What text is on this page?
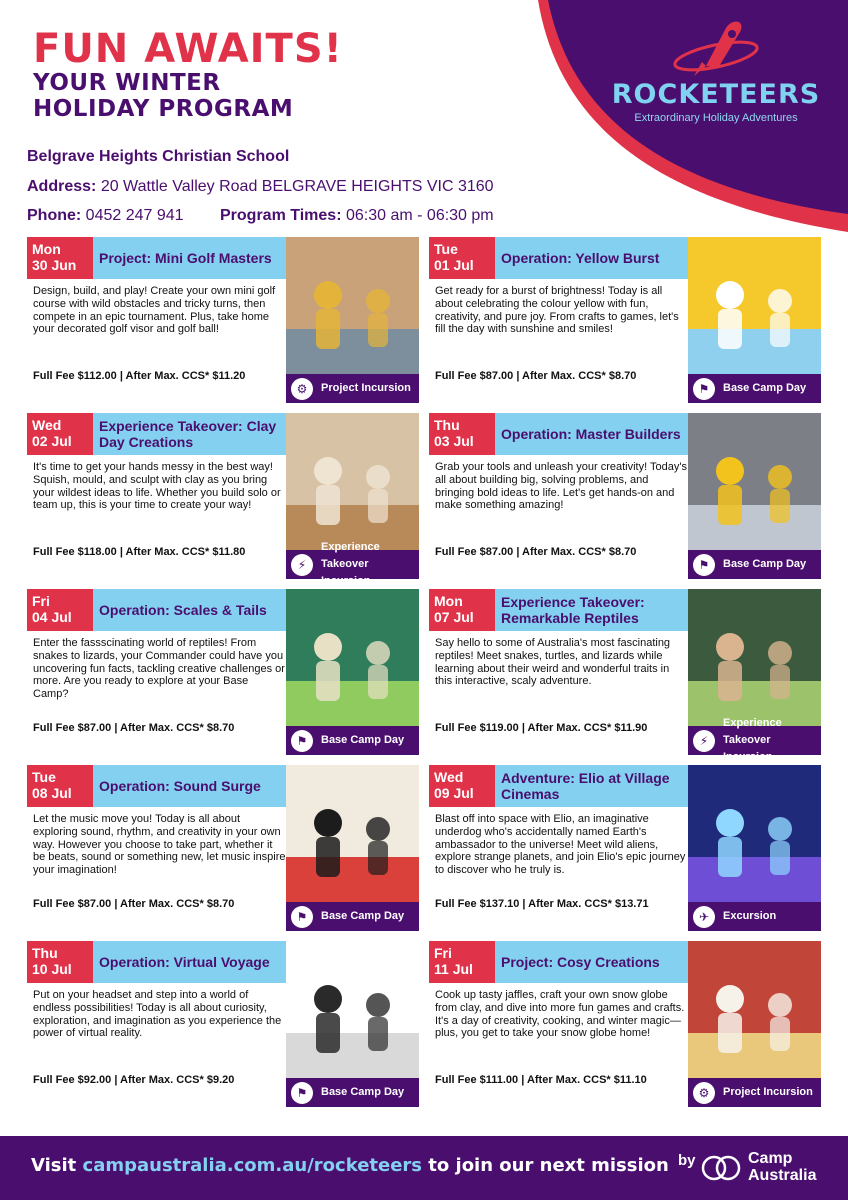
FUN AWAITS!
YOUR WINTER
HOLIDAY PROGRAM	ROCKETEERS
Extraordinary Holiday Adventures
Belgrave Heights Christian School
Address: 20 Wattle Valley Road BELGRAVE HEIGHTS VIC 3160
Phone: 0452 247 941 Program Times: 06:30 am - 06:30 pm
Mon
30 Jun	Project: Mini Golf Masters
Design, build, and play! Create your own mini golf course with wild obstacles and tricky turns, then compete in an epic tournament. Plus, take home your decorated golf visor and golf ball!
Full Fee $112.00 | After Max. CCS* $11.20
⚙	Project Incursion
Tue
01 Jul	Operation: Yellow Burst
Get ready for a burst of brightness! Today is all about celebrating the colour yellow with fun, creativity, and pure joy. From crafts to games, let's fill the day with sunshine and smiles!
Full Fee $87.00 | After Max. CCS* $8.70
⚑	Base Camp Day
Wed
02 Jul
Experience Takeover: Clay Day Creations
It's time to get your hands messy in the best way! Squish, mould, and sculpt with clay as you bring your wildest ideas to life. Whether you build solo or team up, this is your time to create your way!
Full Fee $118.00 | After Max. CCS* $11.80
⚡
Experience Takeover Incursion
Thu
03 Jul	Operation: Master Builders
Grab your tools and unleash your creativity! Today's all about building big, solving problems, and bringing bold ideas to life. Let's get hands-on and make something amazing!
Full Fee $87.00 | After Max. CCS* $8.70
⚑	Base Camp Day
Fri
04 Jul	Operation: Scales & Tails
Enter the fassscinating world of reptiles! From snakes to lizards, your Commander could have you uncovering fun facts, tackling creative challenges or more. Are you ready to explore at your Base Camp?
Full Fee $87.00 | After Max. CCS* $8.70
⚑	Base Camp Day
Mon
07 Jul
Experience Takeover: Remarkable Reptiles
Say hello to some of Australia's most fascinating reptiles! Meet snakes, turtles, and lizards while learning about their weird and wonderful traits in this interactive, scaly adventure.
Full Fee $119.00 | After Max. CCS* $11.90
⚡
Experience Takeover Incursion
Tue
08 Jul	Operation: Sound Surge
Let the music move you! Today is all about exploring sound, rhythm, and creativity in your own way. However you choose to take part, whether it be beats, sound or something new, let music inspire your imagination!
Full Fee $87.00 | After Max. CCS* $8.70
⚑	Base Camp Day
Wed
09 Jul
Adventure: Elio at Village Cinemas
Blast off into space with Elio, an imaginative underdog who's accidentally named Earth's ambassador to the universe! Meet wild aliens, explore strange planets, and join Elio's epic journey to discover who he truly is.
Full Fee $137.10 | After Max. CCS* $13.71
✈	Excursion
Thu
10 Jul	Operation: Virtual Voyage
Put on your headset and step into a world of endless possibilities! Today is all about curiosity, exploration, and imagination as you experience the power of virtual reality.
Full Fee $92.00 | After Max. CCS* $9.20
⚑	Base Camp Day
Fri
11 Jul	Project: Cosy Creations
Cook up tasty jaffles, craft your own snow globe from clay, and dive into more fun games and crafts. It's a day of creativity, cooking, and winter magic—plus, you get to take your snow globe home!
Full Fee $111.00 | After Max. CCS* $11.10
⚙	Project Incursion
Visit campaustralia.com.au/rocketeers to join our next mission by	Camp
Australia
